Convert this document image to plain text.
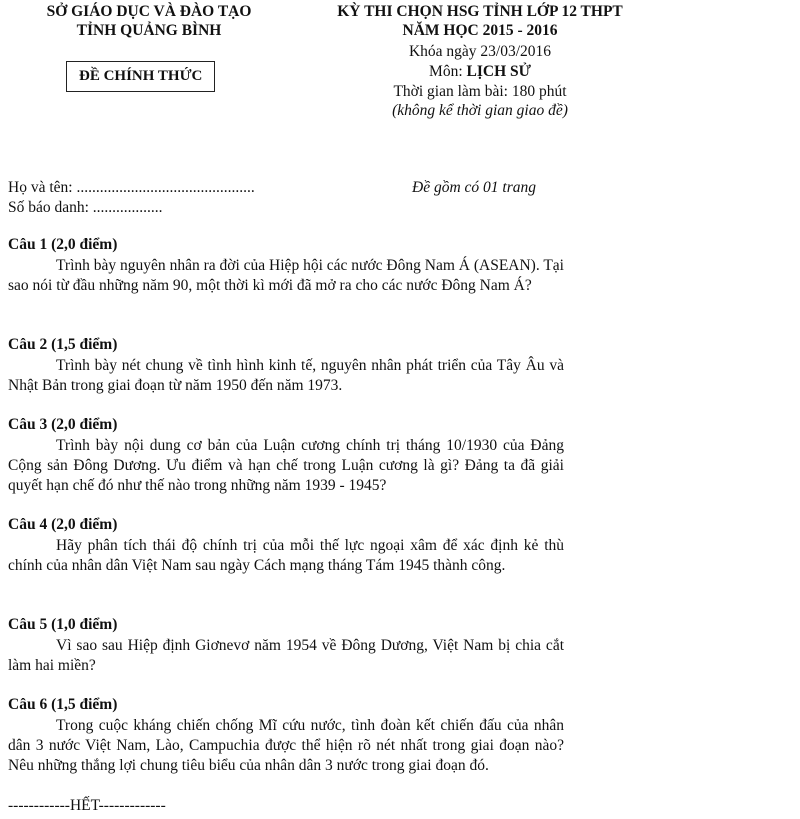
SỞ GIÁO DỤC VÀ ĐÀO TẠO
TỈNH QUẢNG BÌNH
ĐỀ CHÍNH THỨC
KỲ THI CHỌN HSG TỈNH LỚP 12 THPT
NĂM HỌC 2015 - 2016
Khóa ngày 23/03/2016
Môn: LỊCH SỬ
Thời gian làm bài: 180 phút
(không kể thời gian giao đề)
Họ và tên: ..............................................	Đề gồm có 01 trang
Số báo danh: ..................
Câu 1 (2,0 điểm)
Trình bày nguyên nhân ra đời của Hiệp hội các nước Đông Nam Á (ASEAN). Tại sao nói từ đầu những năm 90, một thời kì mới đã mở ra cho các nước Đông Nam Á?
Câu 2 (1,5 điểm)
Trình bày nét chung về tình hình kinh tế, nguyên nhân phát triển của Tây Âu và Nhật Bản trong giai đoạn từ năm 1950 đến năm 1973.
Câu 3 (2,0 điểm)
Trình bày nội dung cơ bản của Luận cương chính trị tháng 10/1930 của Đảng Cộng sản Đông Dương. Ưu điểm và hạn chế trong Luận cương là gì? Đảng ta đã giải quyết hạn chế đó như thế nào trong những năm 1939 - 1945?
Câu 4 (2,0 điểm)
Hãy phân tích thái độ chính trị của mỗi thế lực ngoại xâm để xác định kẻ thù chính của nhân dân Việt Nam sau ngày Cách mạng tháng Tám 1945 thành công.
Câu 5 (1,0 điểm)
Vì sao sau Hiệp định Giơnevơ năm 1954 về Đông Dương, Việt Nam bị chia cắt làm hai miền?
Câu 6 (1,5 điểm)
Trong cuộc kháng chiến chống Mĩ cứu nước, tình đoàn kết chiến đấu của nhân dân 3 nước Việt Nam, Lào, Campuchia được thể hiện rõ nét nhất trong giai đoạn nào? Nêu những thắng lợi chung tiêu biểu của nhân dân 3 nước trong giai đoạn đó.
------------HẾT-------------
